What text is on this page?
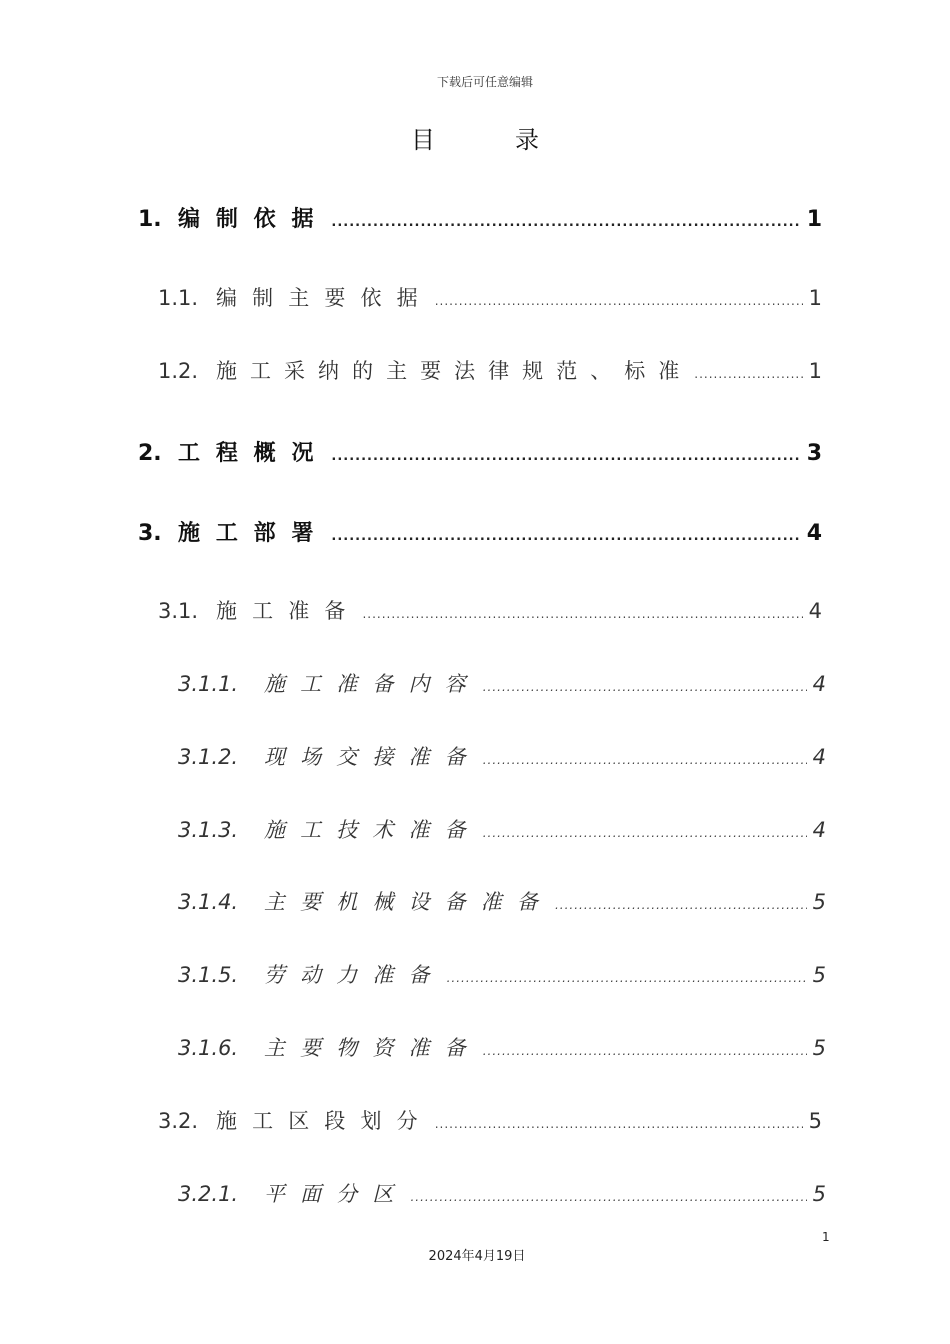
下载后可任意编辑
目	录
1. 编制依据 .....	1
1.1. 编制主要依据 .....	1
1.2. 施工采纳的主要法律规范、标准 .....	1
2. 工程概况 .....	3
3. 施工部署 .....	4
3.1. 施工准备 .....	4
3.1.1.	施工准备内容 .....	4
3.1.2.	现场交接准备 .....	4
3.1.3.	施工技术准备 .....	4
3.1.4.	主要机械设备准备 .....	5
3.1.5.	劳动力准备 .....	5
3.1.6.	主要物资准备 .....	5
3.2. 施工区段划分 .....	5
3.2.1.	平面分区 .....	5
1
2024年4月19日
